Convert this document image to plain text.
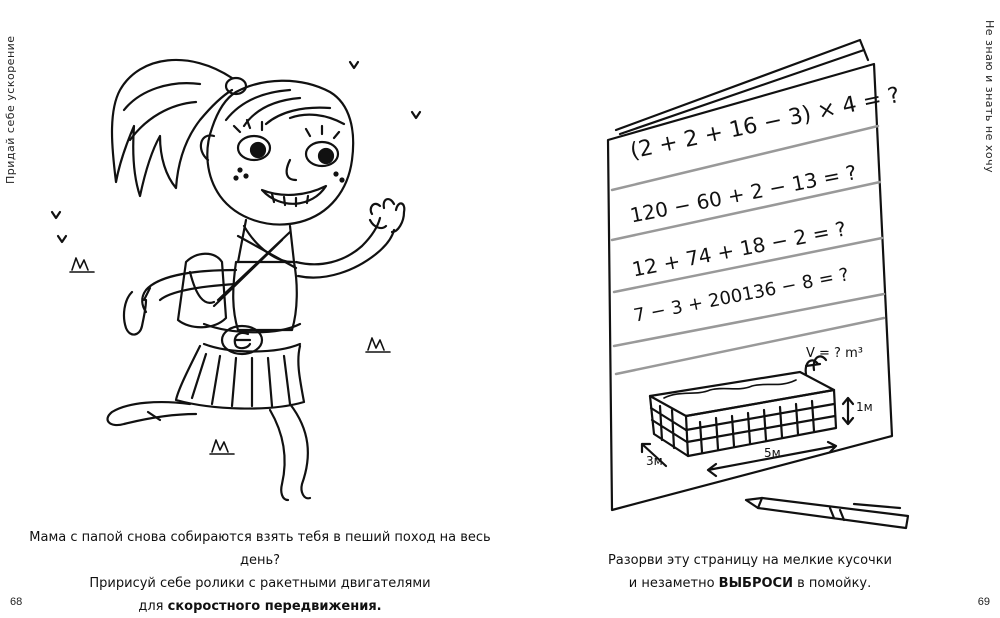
Придай себе ускорение
Мама с папой снова собираются взять тебя в пеший поход на весь день?
Пририсуй себе ролики с ракетными двигателями
для скоростного передвижения.
68
Не знаю и знать не хочу
(2 + 2 + 16 − 3) × 4 = ?
120 − 60 + 2 − 13 = ?
12 + 74 + 18 − 2 = ?
7 − 3 + 200136 − 8 = ?
V = ? m³
1м
3м
5м
Разорви эту страницу на мелкие кусочки
и незаметно ВЫБРОСИ в помойку.
69
